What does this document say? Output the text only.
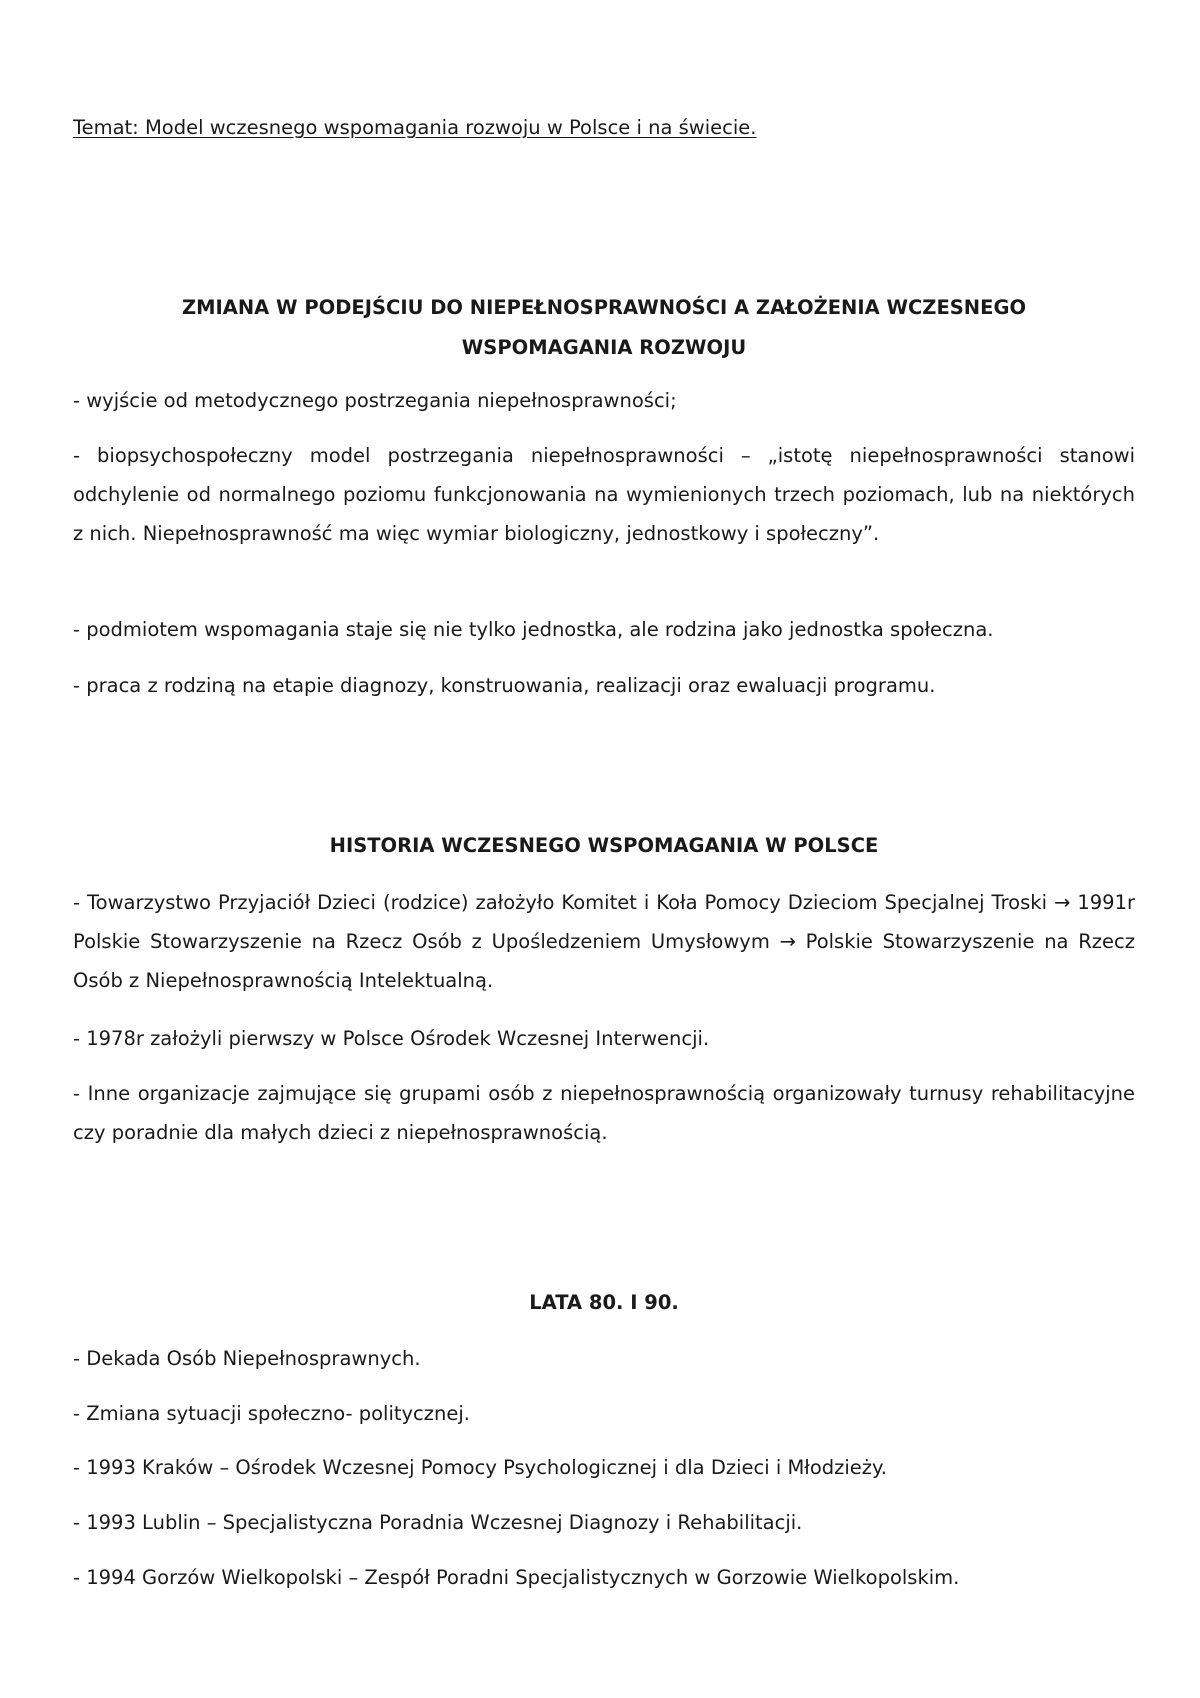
Temat: Model wczesnego wspomagania rozwoju w Polsce i na świecie.
ZMIANA W PODEJŚCIU DO NIEPEŁNOSPRAWNOŚCI A ZAŁOŻENIA WCZESNEGO
WSPOMAGANIA ROZWOJU

- wyjście od metodycznego postrzegania niepełnosprawności;

- biopsychospołeczny model postrzegania niepełnosprawności – „istotę niepełnosprawności stanowi odchylenie od normalnego poziomu funkcjonowania na wymienionych trzech poziomach, lub na niektórych z nich. Niepełnosprawność ma więc wymiar biologiczny, jednostkowy i społeczny”.

- podmiotem wspomagania staje się nie tylko jednostka, ale rodzina jako jednostka społeczna.

- praca z rodziną na etapie diagnozy, konstruowania, realizacji oraz ewaluacji programu.

HISTORIA WCZESNEGO WSPOMAGANIA W POLSCE

- Towarzystwo Przyjaciół Dzieci (rodzice) założyło Komitet i Koła Pomocy Dzieciom Specjalnej Troski → 1991r Polskie Stowarzyszenie na Rzecz Osób z Upośledzeniem Umysłowym → Polskie Stowarzyszenie na Rzecz Osób z Niepełnosprawnością Intelektualną.

- 1978r założyli pierwszy w Polsce Ośrodek Wczesnej Interwencji.

- Inne organizacje zajmujące się grupami osób z niepełnosprawnością organizowały turnusy rehabilitacyjne czy poradnie dla małych dzieci z niepełnosprawnością.

LATA 80. I 90.

- Dekada Osób Niepełnosprawnych.

- Zmiana sytuacji społeczno- politycznej.

- 1993 Kraków – Ośrodek Wczesnej Pomocy Psychologicznej i dla Dzieci i Młodzieży.

- 1993 Lublin – Specjalistyczna Poradnia Wczesnej Diagnozy i Rehabilitacji.

- 1994 Gorzów Wielkopolski – Zespół Poradni Specjalistycznych w Gorzowie Wielkopolskim.
